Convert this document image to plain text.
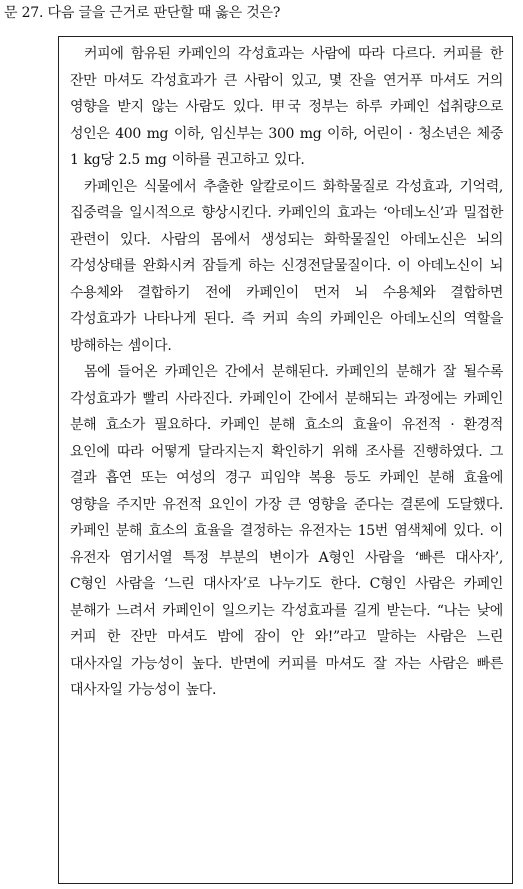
문 27. 다음 글을 근거로 판단할 때 옳은 것은?

커피에 함유된 카페인의 각성효과는 사람에 따라 다르다. 커피를 한 잔만 마셔도 각성효과가 큰 사람이 있고, 몇 잔을 연거푸 마셔도 거의 영향을 받지 않는 사람도 있다. 甲국 정부는 하루 카페인 섭취량으로 성인은 400 mg 이하, 임신부는 300 mg 이하, 어린이 · 청소년은 체중 1 kg당 2.5 mg 이하를 권고하고 있다.

카페인은 식물에서 추출한 알칼로이드 화학물질로 각성효과, 기억력, 집중력을 일시적으로 향상시킨다. 카페인의 효과는 ‘아데노신’과 밀접한 관련이 있다. 사람의 몸에서 생성되는 화학물질인 아데노신은 뇌의 각성상태를 완화시켜 잠들게 하는 신경전달물질이다. 이 아데노신이 뇌 수용체와 결합하기 전에 카페인이 먼저 뇌 수용체와 결합하면 각성효과가 나타나게 된다. 즉 커피 속의 카페인은 아데노신의 역할을 방해하는 셈이다.

몸에 들어온 카페인은 간에서 분해된다. 카페인의 분해가 잘 될수록 각성효과가 빨리 사라진다. 카페인이 간에서 분해되는 과정에는 카페인 분해 효소가 필요하다. 카페인 분해 효소의 효율이 유전적 · 환경적 요인에 따라 어떻게 달라지는지 확인하기 위해 조사를 진행하였다. 그 결과 흡연 또는 여성의 경구 피임약 복용 등도 카페인 분해 효율에 영향을 주지만 유전적 요인이 가장 큰 영향을 준다는 결론에 도달했다. 카페인 분해 효소의 효율을 결정하는 유전자는 15번 염색체에 있다. 이 유전자 염기서열 특정 부분의 변이가 A형인 사람을 ‘빠른 대사자’, C형인 사람을 ‘느린 대사자’로 나누기도 한다. C형인 사람은 카페인 분해가 느려서 카페인이 일으키는 각성효과를 길게 받는다. “나는 낮에 커피 한 잔만 마셔도 밤에 잠이 안 와!”라고 말하는 사람은 느린 대사자일 가능성이 높다. 반면에 커피를 마셔도 잘 자는 사람은 빠른 대사자일 가능성이 높다.
